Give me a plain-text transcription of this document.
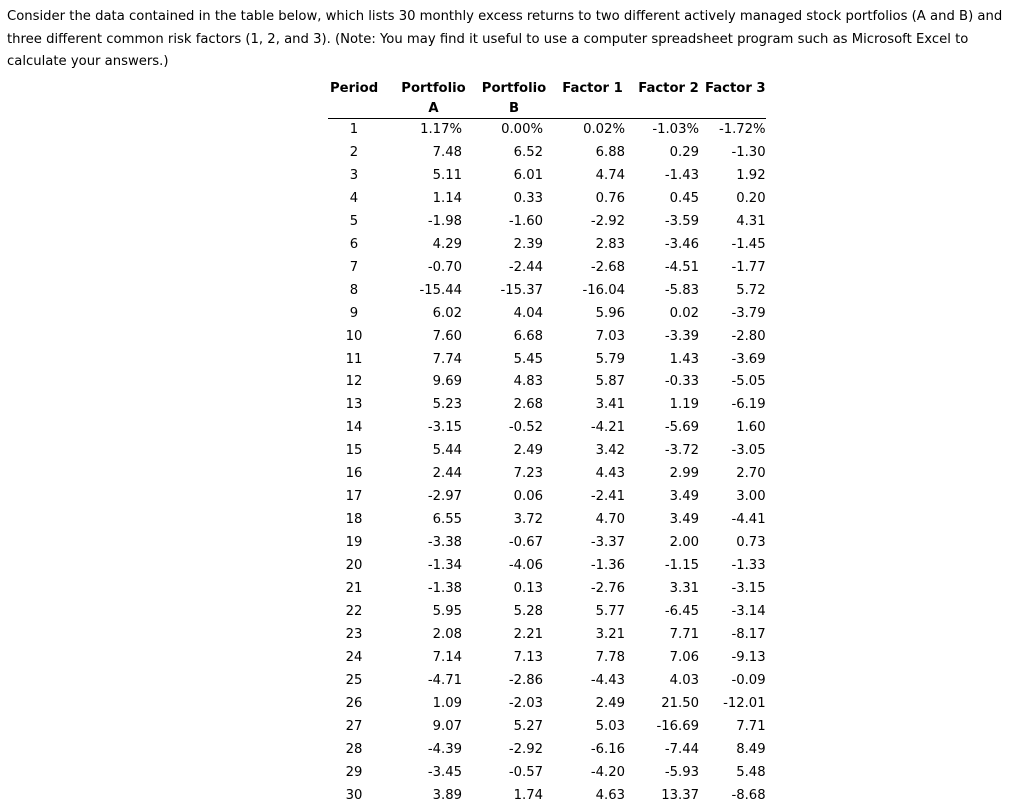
Consider the data contained in the table below, which lists 30 monthly excess returns to two different actively managed stock portfolios (A and B) and three different common risk factors (1, 2, and 3). (Note: You may find it useful to use a computer spreadsheet program such as Microsoft Excel to calculate your answers.)

Period	Portfolio	Portfolio	Factor 1	Factor 2	Factor 3
	A	B			
1	1.17%	0.00%	0.02%	-1.03%	-1.72%
2	7.48	6.52	6.88	0.29	-1.30
3	5.11	6.01	4.74	-1.43	1.92
4	1.14	0.33	0.76	0.45	0.20
5	-1.98	-1.60	-2.92	-3.59	4.31
6	4.29	2.39	2.83	-3.46	-1.45
7	-0.70	-2.44	-2.68	-4.51	-1.77
8	-15.44	-15.37	-16.04	-5.83	5.72
9	6.02	4.04	5.96	0.02	-3.79
10	7.60	6.68	7.03	-3.39	-2.80
11	7.74	5.45	5.79	1.43	-3.69
12	9.69	4.83	5.87	-0.33	-5.05
13	5.23	2.68	3.41	1.19	-6.19
14	-3.15	-0.52	-4.21	-5.69	1.60
15	5.44	2.49	3.42	-3.72	-3.05
16	2.44	7.23	4.43	2.99	2.70
17	-2.97	0.06	-2.41	3.49	3.00
18	6.55	3.72	4.70	3.49	-4.41
19	-3.38	-0.67	-3.37	2.00	0.73
20	-1.34	-4.06	-1.36	-1.15	-1.33
21	-1.38	0.13	-2.76	3.31	-3.15
22	5.95	5.28	5.77	-6.45	-3.14
23	2.08	2.21	3.21	7.71	-8.17
24	7.14	7.13	7.78	7.06	-9.13
25	-4.71	-2.86	-4.43	4.03	-0.09
26	1.09	-2.03	2.49	21.50	-12.01
27	9.07	5.27	5.03	-16.69	7.71
28	-4.39	-2.92	-6.16	-7.44	8.49
29	-3.45	-0.57	-4.20	-5.93	5.48
30	3.89	1.74	4.63	13.37	-8.68
